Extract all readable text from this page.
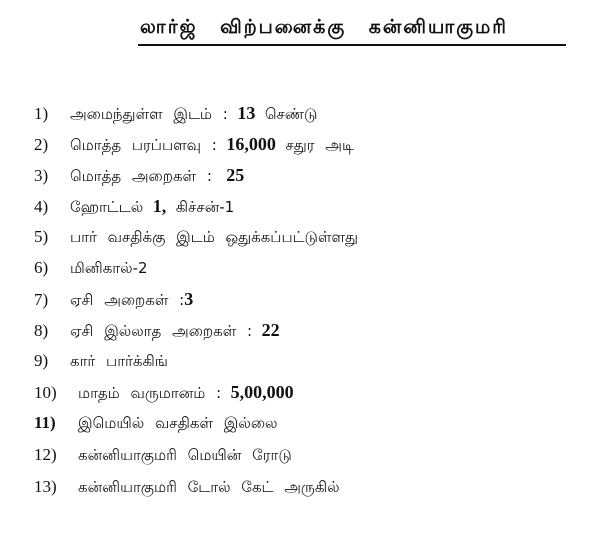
லார்ஜ் விற்பனைக்கு கன்னியாகுமரி
1)	அமைந்துள்ள இடம் :
13
செண்டு
2)	மொத்த பரப்பளவு :
16,000
சதுர அடி
3)	மொத்த அறைகள் :
25
4)	ஹோட்டல்
1,
கிச்சன்-1
5)	பார் வசதிக்கு இடம் ஒதுக்கப்பட்டுள்ளது
6)	மினிகால்-2
7)	ஏசி அறைகள் : 3
8)	ஏசி இல்லாத அறைகள் :
22
9)	கார் பார்க்கிங்
10)	மாதம் வருமானம் :
5,00,000
11)	இமெயில் வசதிகள் இல்லை
12)	கன்னியாகுமரி மெயின் ரோடு
13)	கன்னியாகுமரி டோல் கேட் அருகில்
